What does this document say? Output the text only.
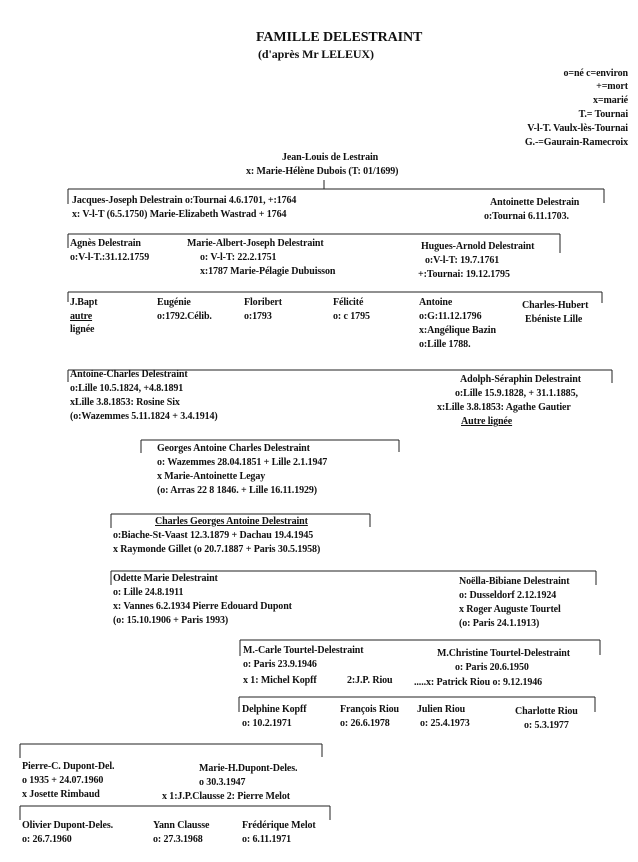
FAMILLE DELESTRAINT
(d'après Mr LELEUX)
o=né c=environ
+=mort
x=marié
T.= Tournai
V-l-T. Vaulx-lès-Tournai
G.-=Gaurain-Ramecroix
Jean-Louis de Lestrain
x: Marie-Hélène Dubois (T: 01/1699)
Jacques-Joseph Delestrain o:Tournai 4.6.1701, +:1764
x: V-l-T (6.5.1750) Marie-Elizabeth Wastrad + 1764
Antoinette Delestrain
o:Tournai 6.11.1703.
Agnès Delestrain
o:V-l-T.:31.12.1759
Marie-Albert-Joseph Delestraint
o: V-l-T: 22.2.1751
x:1787 Marie-Pélagie Dubuisson
Hugues-Arnold Delestraint
o:V-l-T: 19.7.1761
+:Tournai: 19.12.1795
J.Bapt
autre
lignée
Eugénie
o:1792.Célib.
Floribert
o:1793
Félicité
o: c 1795
Antoine
o:G:11.12.1796
x:Angélique Bazin
o:Lille 1788.
Charles-Hubert
Ebéniste Lille
Antoine-Charles Delestraint
o:Lille 10.5.1824, +4.8.1891
xLille 3.8.1853: Rosine Six
(o:Wazemmes 5.11.1824 + 3.4.1914)
Adolph-Séraphin Delestraint
o:Lille 15.9.1828, + 31.1.1885,
x:Lille 3.8.1853: Agathe Gautier
Autre lignée
Georges Antoine Charles Delestraint
o: Wazemmes 28.04.1851 + Lille 2.1.1947
x Marie-Antoinette Legay
(o: Arras 22 8 1846. + Lille 16.11.1929)
Charles Georges Antoine Delestraint
o:Biache-St-Vaast 12.3.1879 + Dachau 19.4.1945
x Raymonde Gillet (o 20.7.1887 + Paris 30.5.1958)
Odette Marie Delestraint
o: Lille 24.8.1911
x: Vannes 6.2.1934 Pierre Edouard Dupont
(o: 15.10.1906 + Paris 1993)
Noëlla-Bibiane Delestraint
o: Dusseldorf 2.12.1924
x Roger Auguste Tourtel
(o: Paris 24.1.1913)
M.-Carle Tourtel-Delestraint
o: Paris 23.9.1946
x 1: Michel Kopff	2:J.P. Riou
M.Christine Tourtel-Delestraint
o: Paris 20.6.1950
.....x: Patrick Riou o: 9.12.1946
Delphine Kopff
o: 10.2.1971
François Riou
o: 26.6.1978
Julien Riou
o: 25.4.1973
Charlotte Riou
o: 5.3.1977
Pierre-C. Dupont-Del.
o 1935 + 24.07.1960
x Josette Rimbaud
Marie-H.Dupont-Deles.
o 30.3.1947
x 1:J.P.Clausse 2: Pierre Melot
Olivier Dupont-Deles.
o: 26.7.1960
Yann Clausse
o: 27.3.1968
Frédérique Melot
o: 6.11.1971
